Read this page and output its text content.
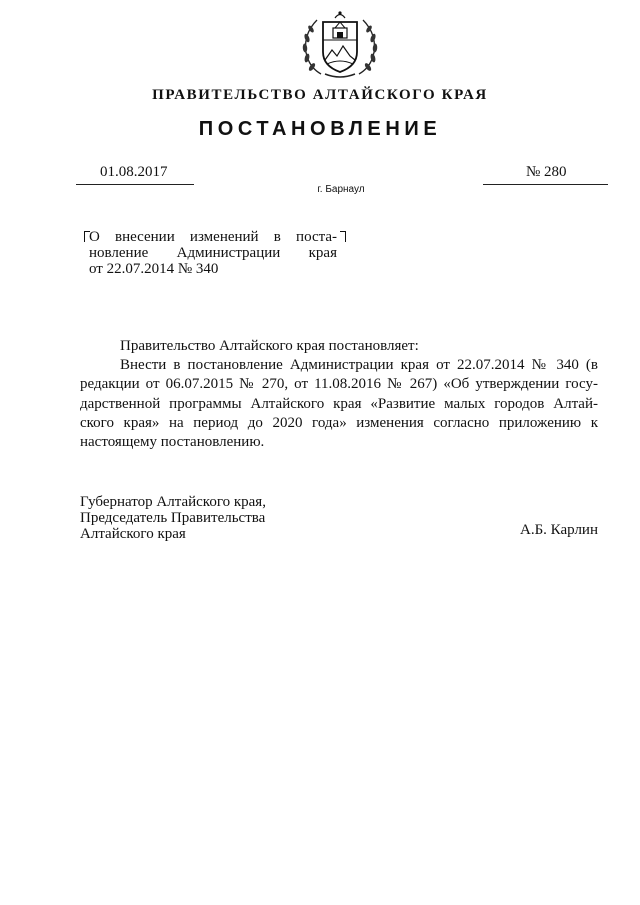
ПРАВИТЕЛЬСТВО АЛТАЙСКОГО КРАЯ
ПОСТАНОВЛЕНИЕ
01.08.2017	№ 280
г. Барнаул
О внесении изменений в поста-
новление Администрации края
от 22.07.2014 № 340
Правительство Алтайского края постановляет:
Внести в постановление Администрации края от 22.07.2014 № 340 (в
редакции от 06.07.2015 № 270, от 11.08.2016 № 267) «Об утверждении госу-
дарственной программы Алтайского края «Развитие малых городов Алтай-
ского края» на период до 2020 года» изменения согласно приложению к
настоящему постановлению.
Губернатор Алтайского края,
Председатель Правительства
Алтайского края	А.Б. Карлин
